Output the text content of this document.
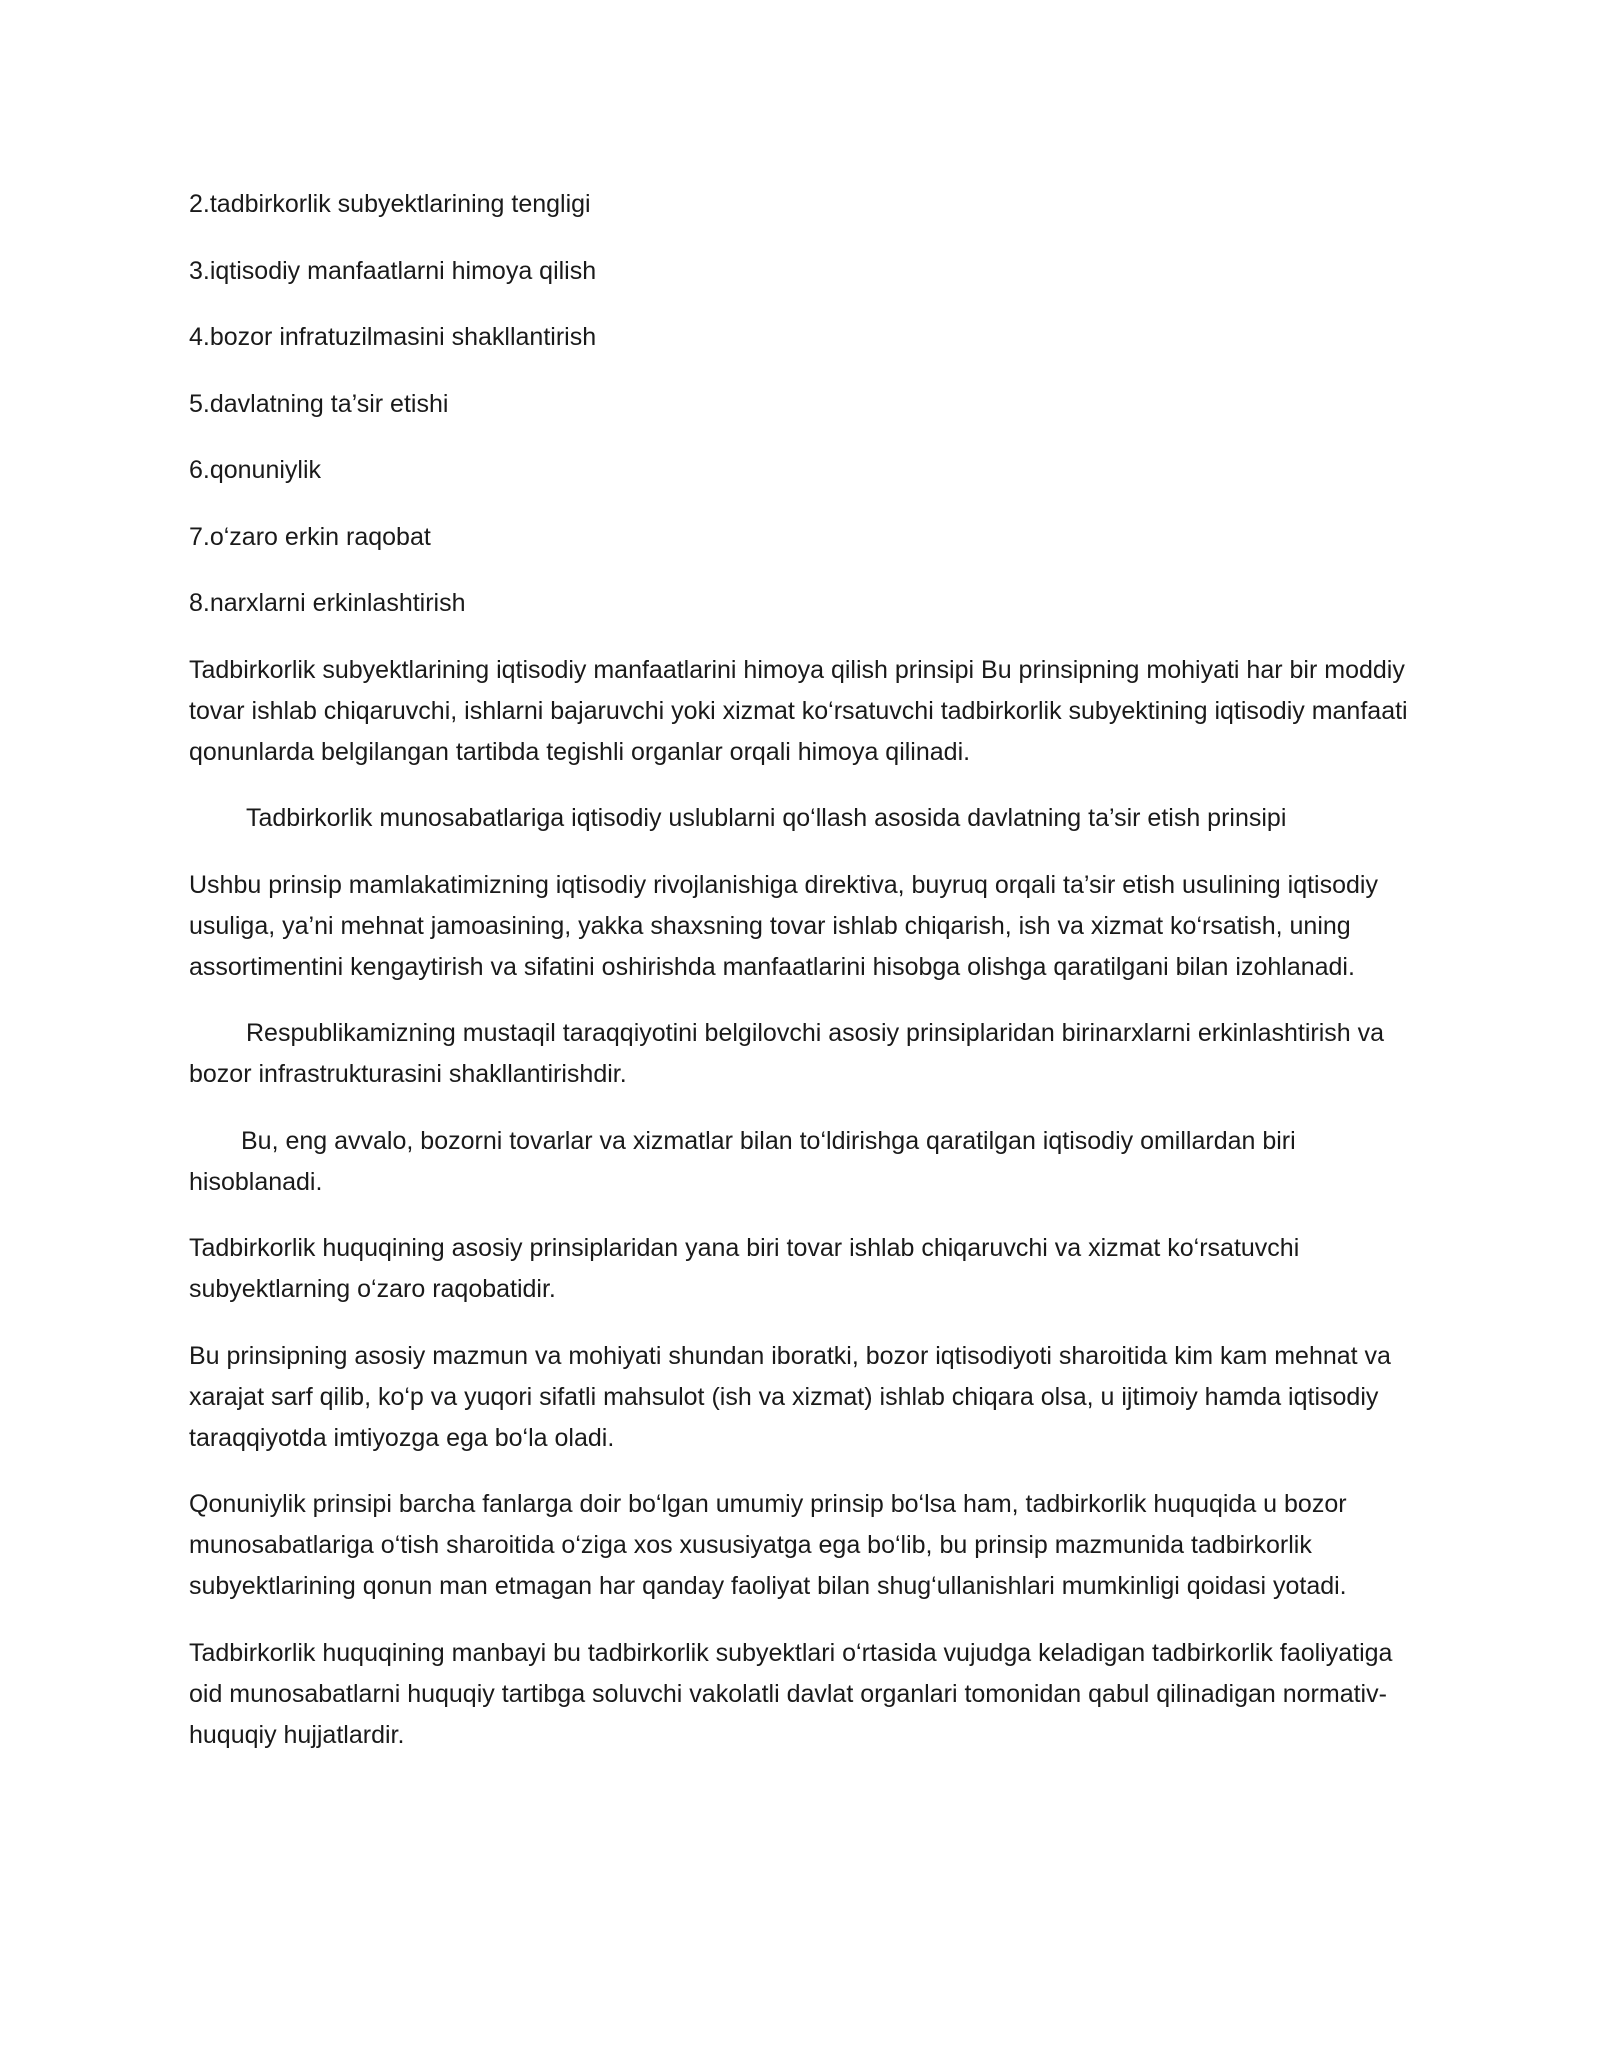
2.tadbirkorlik subyektlarining tengligi
3.iqtisodiy manfaatlarni himoya qilish
4.bozor infratuzilmasini shakllantirish
5.davlatning ta’sir etishi
6.qonuniylik
7.o‘zaro erkin raqobat
8.narxlarni erkinlashtirish

Tadbirkorlik subyektlarining iqtisodiy manfaatlarini himoya qilish prinsipi Bu prinsipning mohiyati har bir moddiy tovar ishlab chiqaruvchi, ishlarni bajaruvchi yoki xizmat ko‘rsatuvchi tadbirkorlik subyektining iqtisodiy manfaati qonunlarda belgilangan tartibda tegishli organlar orqali himoya qilinadi.

Tadbirkorlik munosabatlariga iqtisodiy uslublarni qo‘llash asosida davlatning ta’sir etish prinsipi

Ushbu prinsip mamlakatimizning iqtisodiy rivojlanishiga direktiva, buyruq orqali ta’sir etish usulining iqtisodiy usuliga, ya’ni mehnat jamoasining, yakka shaxsning tovar ishlab chiqarish, ish va xizmat ko‘rsatish, uning assortimentini kengaytirish va sifatini oshirishda manfaatlarini hisobga olishga qaratilgani bilan izohlanadi.

Respublikamizning mustaqil taraqqiyotini belgilovchi asosiy prinsiplaridan birinarxlarni erkinlashtirish va bozor infrastrukturasini shakllantirishdir.

Bu, eng avvalo, bozorni tovarlar va xizmatlar bilan to‘ldirishga qaratilgan iqtisodiy omillardan biri hisoblanadi.

Tadbirkorlik huquqining asosiy prinsiplaridan yana biri tovar ishlab chiqaruvchi va xizmat ko‘rsatuvchi subyektlarning o‘zaro raqobatidir.

Bu prinsipning asosiy mazmun va mohiyati shundan iboratki, bozor iqtisodiyoti sharoitida kim kam mehnat va xarajat sarf qilib, ko‘p va yuqori sifatli mahsulot (ish va xizmat) ishlab chiqara olsa, u ijtimoiy hamda iqtisodiy taraqqiyotda imtiyozga ega bo‘la oladi.

Qonuniylik prinsipi barcha fanlarga doir bo‘lgan umumiy prinsip bo‘lsa ham, tadbirkorlik huquqida u bozor munosabatlariga o‘tish sharoitida o‘ziga xos xususiyatga ega bo‘lib, bu prinsip mazmunida tadbirkorlik subyektlarining qonun man etmagan har qanday faoliyat bilan shug‘ullanishlari mumkinligi qoidasi yotadi.

Tadbirkorlik huquqining manbayi bu tadbirkorlik subyektlari o‘rtasida vujudga keladigan tadbirkorlik faoliyatiga oid munosabatlarni huquqiy tartibga soluvchi vakolatli davlat organlari tomonidan qabul qilinadigan normativ-huquqiy hujjatlardir.
